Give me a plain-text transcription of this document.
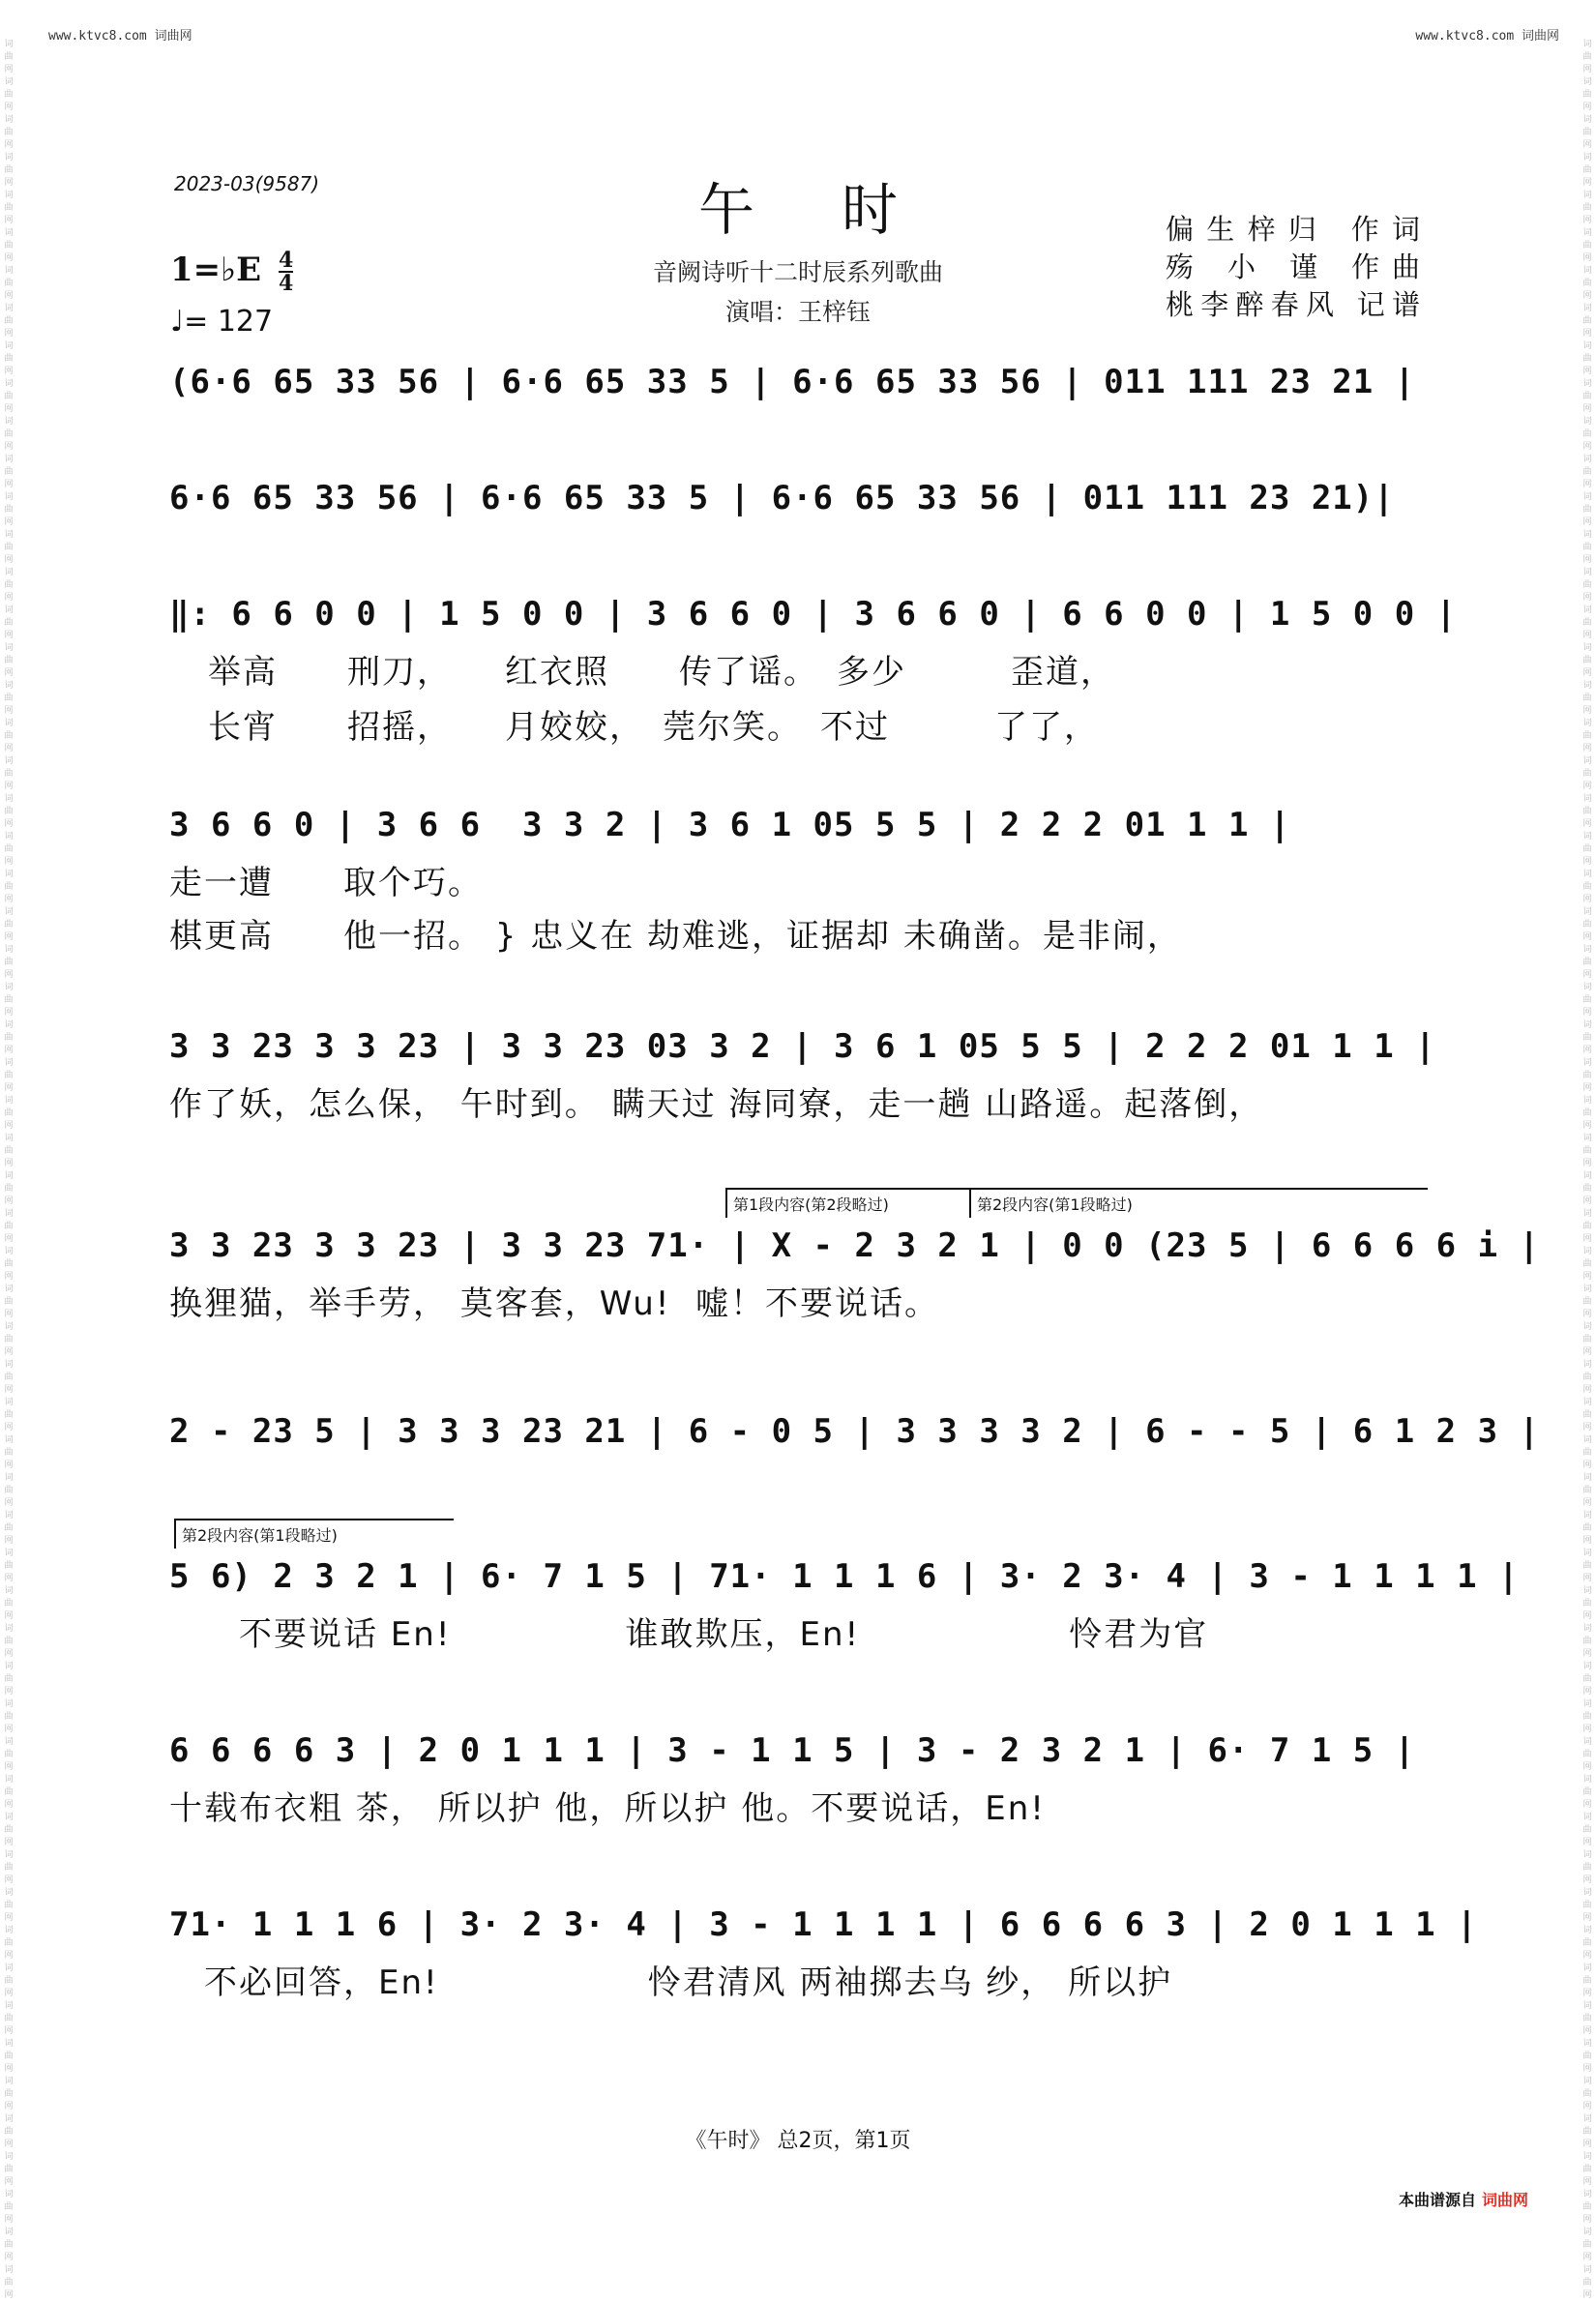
www.ktvc8.com 词曲网	www.ktvc8.com 词曲网
词曲网词曲网词曲网词曲网词曲网词曲网词曲网词曲网词曲网词曲网词曲网词曲网词曲网词曲网词曲网词曲网词曲网词曲网词曲网词曲网词曲网词曲网词曲网词曲网词曲网词曲网词曲网词曲网词曲网词曲网词曲网词曲网词曲网词曲网词曲网词曲网词曲网词曲网词曲网词曲网词曲网词曲网词曲网词曲网词曲网词曲网词曲网词曲网词曲网词曲网词曲网词曲网词曲网词曲网词曲网词曲网词曲网词曲网词曲网词曲网
词曲网词曲网词曲网词曲网词曲网词曲网词曲网词曲网词曲网词曲网词曲网词曲网词曲网词曲网词曲网词曲网词曲网词曲网词曲网词曲网词曲网词曲网词曲网词曲网词曲网词曲网词曲网词曲网词曲网词曲网词曲网词曲网词曲网词曲网词曲网词曲网词曲网词曲网词曲网词曲网词曲网词曲网词曲网词曲网词曲网词曲网词曲网词曲网词曲网词曲网词曲网词曲网词曲网词曲网词曲网词曲网词曲网词曲网词曲网词曲网
2023-03(9587)	午时
音阙诗听十二时辰系列歌曲
演唱：王梓钰
1=♭E $\frac{4}{4}$
♩= 127
偏生梓归 作词
殇 小 谨 作曲
桃李醉春风 记谱
(6·6 65 33 56 | 6·6 65 33 5 | 6·6 65 33 56 | 011 111 23 21 |
6·6 65 33 56 | 6·6 65 33 5 | 6·6 65 33 56 | 011 111 23 21)|
‖: 6 6 0 0 | 1 5 0 0 | 3 6 6 0 | 3 6 6 0 | 6 6 0 0 | 1 5 0 0 |
举高　　刑刀，　　红衣照　　传了谣。　多少　　　歪道，
长宵　　招摇，　　月姣姣，　莞尔笑。　不过　　　了了，
3 6 6 0 | 3 6 6  3 3 2 | 3 6 1 05 5 5 | 2 2 2 01 1 1 |
走一遭　　取个巧。
棋更高　　他一招。 } 忠义在 劫难逃，证据却 未确凿。是非闹，
3 3 23 3 3 23 | 3 3 23 03 3 2 | 3 6 1 05 5 5 | 2 2 2 01 1 1 |
作了妖，怎么保， 午时到。 瞒天过 海同寮，走一趟 山路遥。起落倒，
第1段内容(第2段略过)	第2段内容(第1段略过)
3 3 23 3 3 23 | 3 3 23 71· | X - 2 3 2 1 | 0 0 (23 5 | 6 6 6 6 i |
换狸猫，举手劳， 莫客套，Wu!  嘘！不要说话。
2 - 23 5 | 3 3 3 23 21 | 6 - 0 5 | 3 3 3 3 2 | 6 - - 5 | 6 1 2 3 |
第2段内容(第1段略过)
5 6) 2 3 2 1 | 6· 7 1 5 | 71· 1 1 1 6 | 3· 2 3· 4 | 3 - 1 1 1 1 |
　　不要说话 En!　　　　　谁敢欺压，En!　　　　　　怜君为官
6 6 6 6 3 | 2 0 1 1 1 | 3 - 1 1 5 | 3 - 2 3 2 1 | 6· 7 1 5 |
十载布衣粗 茶， 所以护 他，所以护 他。不要说话，En!
71· 1 1 1 6 | 3· 2 3· 4 | 3 - 1 1 1 1 | 6 6 6 6 3 | 2 0 1 1 1 |
　不必回答，En!　　　　　　怜君清风 两袖掷去乌 纱， 所以护
《午时》 总2页，第1页
本曲谱源自 词曲网
